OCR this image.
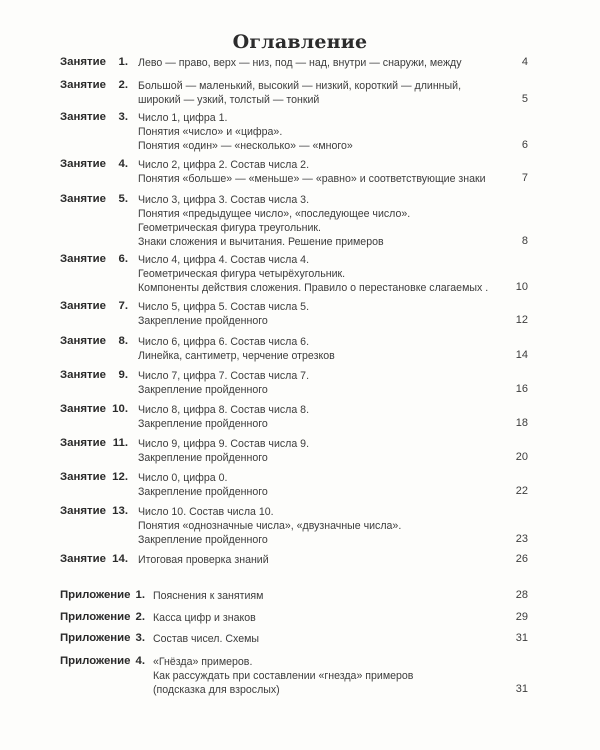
Оглавление
Занятие	1. Лево — право, верх — низ, под — над, внутри — снаружи, между	4
Занятие	2. Большой — маленький, высокий — низкий, короткий — длинный,
широкий — узкий, толстый — тонкий	5
Занятие	3. Число 1, цифра 1.
Понятия «число» и «цифра».
Понятия «один» — «несколько» — «много»	6
Занятие	4. Число 2, цифра 2. Состав числа 2.
Понятия «больше» — «меньше» — «равно» и соответствующие знаки	7
Занятие	5. Число 3, цифра 3. Состав числа 3.
Понятия «предыдущее число», «последующее число».
Геометрическая фигура треугольник.
Знаки сложения и вычитания. Решение примеров	8
Занятие	6. Число 4, цифра 4. Состав числа 4.
Геометрическая фигура четырёхугольник.
Компоненты действия сложения. Правило о перестановке слагаемых .	10
Занятие	7. Число 5, цифра 5. Состав числа 5.
Закрепление пройденного	12
Занятие	8. Число 6, цифра 6. Состав числа 6.
Линейка, сантиметр, черчение отрезков	14
Занятие	9. Число 7, цифра 7. Состав числа 7.
Закрепление пройденного	16
Занятие 10. Число 8, цифра 8. Состав числа 8.
Закрепление пройденного	18
Занятие 11. Число 9, цифра 9. Состав числа 9.
Закрепление пройденного	20
Занятие 12. Число 0, цифра 0.
Закрепление пройденного	22
Занятие 13. Число 10. Состав числа 10.
Понятия «однозначные числа», «двузначные числа».
Закрепление пройденного	23
Занятие 14. Итоговая проверка знаний	26
Приложение 1. Пояснения к занятиям	28
Приложение 2. Касса цифр и знаков	29
Приложение 3. Состав чисел. Схемы	31
Приложение 4. «Гнёзда» примеров.
Как рассуждать при составлении «гнезда» примеров
(подсказка для взрослых)	31
